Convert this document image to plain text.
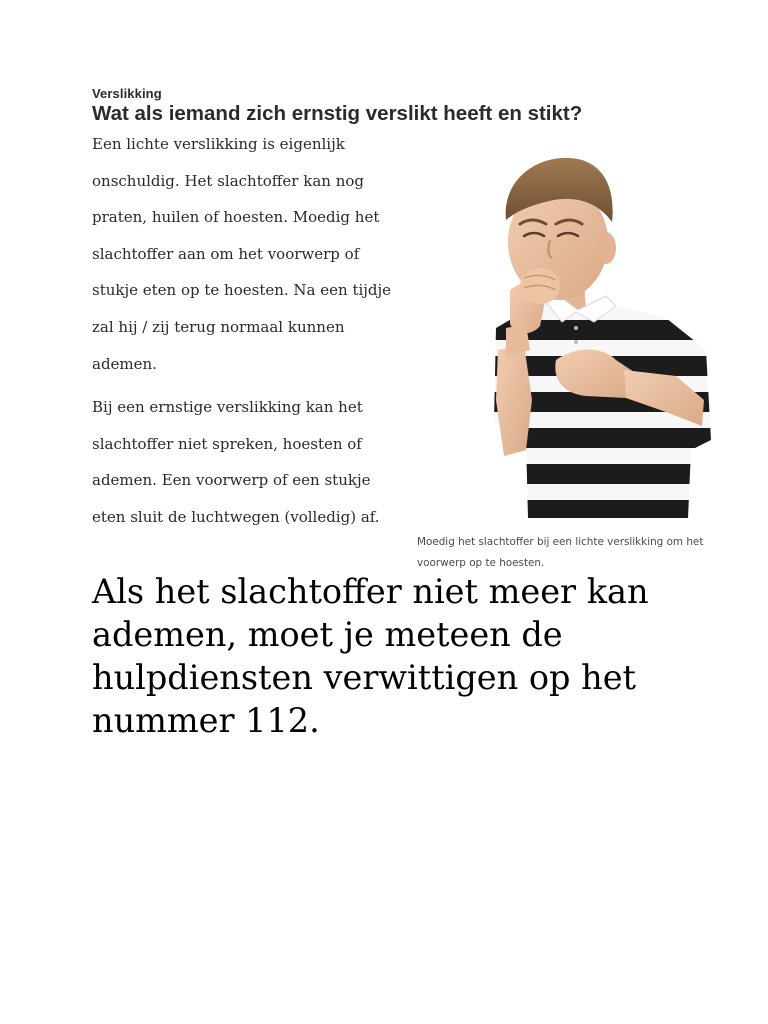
Verslikking
Wat als iemand zich ernstig verslikt heeft en stikt?

Een lichte verslikking is eigenlijk
onschuldig. Het slachtoffer kan nog
praten, huilen of hoesten. Moedig het
slachtoffer aan om het voorwerp of
stukje eten op te hoesten. Na een tijdje
zal hij / zij terug normaal kunnen
ademen.

Bij een ernstige verslikking kan het
slachtoffer niet spreken, hoesten of
ademen. Een voorwerp of een stukje
eten sluit de luchtwegen (volledig) af.

Moedig het slachtoffer bij een lichte verslikking om het
voorwerp op te hoesten.

Als het slachtoffer niet meer kan
ademen, moet je meteen de
hulpdiensten verwittigen op het
nummer 112.
